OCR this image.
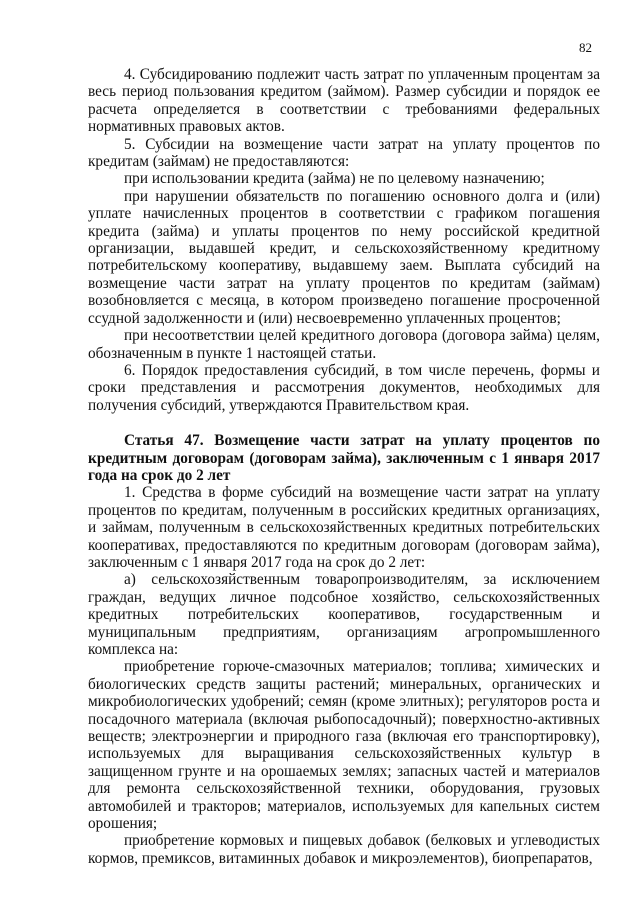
82

4. Субсидированию подлежит часть затрат по уплаченным процентам за весь период пользования кредитом (займом). Размер субсидии и порядок ее расчета определяется в соответствии с требованиями федеральных нормативных правовых актов.

5. Субсидии на возмещение части затрат на уплату процентов по кредитам (займам) не предоставляются:

при использовании кредита (займа) не по целевому назначению;

при нарушении обязательств по погашению основного долга и (или) уплате начисленных процентов в соответствии с графиком погашения кредита (займа) и уплаты процентов по нему российской кредитной организации, выдавшей кредит, и сельскохозяйственному кредитному потребительскому кооперативу, выдавшему заем. Выплата субсидий на возмещение части затрат на уплату процентов по кредитам (займам) возобновляется с месяца, в котором произведено погашение просроченной ссудной задолженности и (или) несвоевременно уплаченных процентов;

при несоответствии целей кредитного договора (договора займа) целям, обозначенным в пункте 1 настоящей статьи.

6. Порядок предоставления субсидий, в том числе перечень, формы и сроки представления и рассмотрения документов, необходимых для получения субсидий, утверждаются Правительством края.

Статья 47. Возмещение части затрат на уплату процентов по кредитным договорам (договорам займа), заключенным с 1 января 2017 года на срок до 2 лет

1. Средства в форме субсидий на возмещение части затрат на уплату процентов по кредитам, полученным в российских кредитных организациях, и займам, полученным в сельскохозяйственных кредитных потребительских кооперативах, предоставляются по кредитным договорам (договорам займа), заключенным с 1 января 2017 года на срок до 2 лет:

а) сельскохозяйственным товаропроизводителям, за исключением граждан, ведущих личное подсобное хозяйство, сельскохозяйственных кредитных потребительских кооперативов, государственным и муниципальным предприятиям, организациям агропромышленного комплекса на:

приобретение горюче-смазочных материалов; топлива; химических и биологических средств защиты растений; минеральных, органических и микробиологических удобрений; семян (кроме элитных); регуляторов роста и посадочного материала (включая рыбопосадочный); поверхностно-активных веществ; электроэнергии и природного газа (включая его транспортировку), используемых для выращивания сельскохозяйственных культур в защищенном грунте и на орошаемых землях; запасных частей и материалов для ремонта сельскохозяйственной техники, оборудования, грузовых автомобилей и тракторов; материалов, используемых для капельных систем орошения;

приобретение кормовых и пищевых добавок (белковых и углеводистых кормов, премиксов, витаминных добавок и микроэлементов), биопрепаратов,
